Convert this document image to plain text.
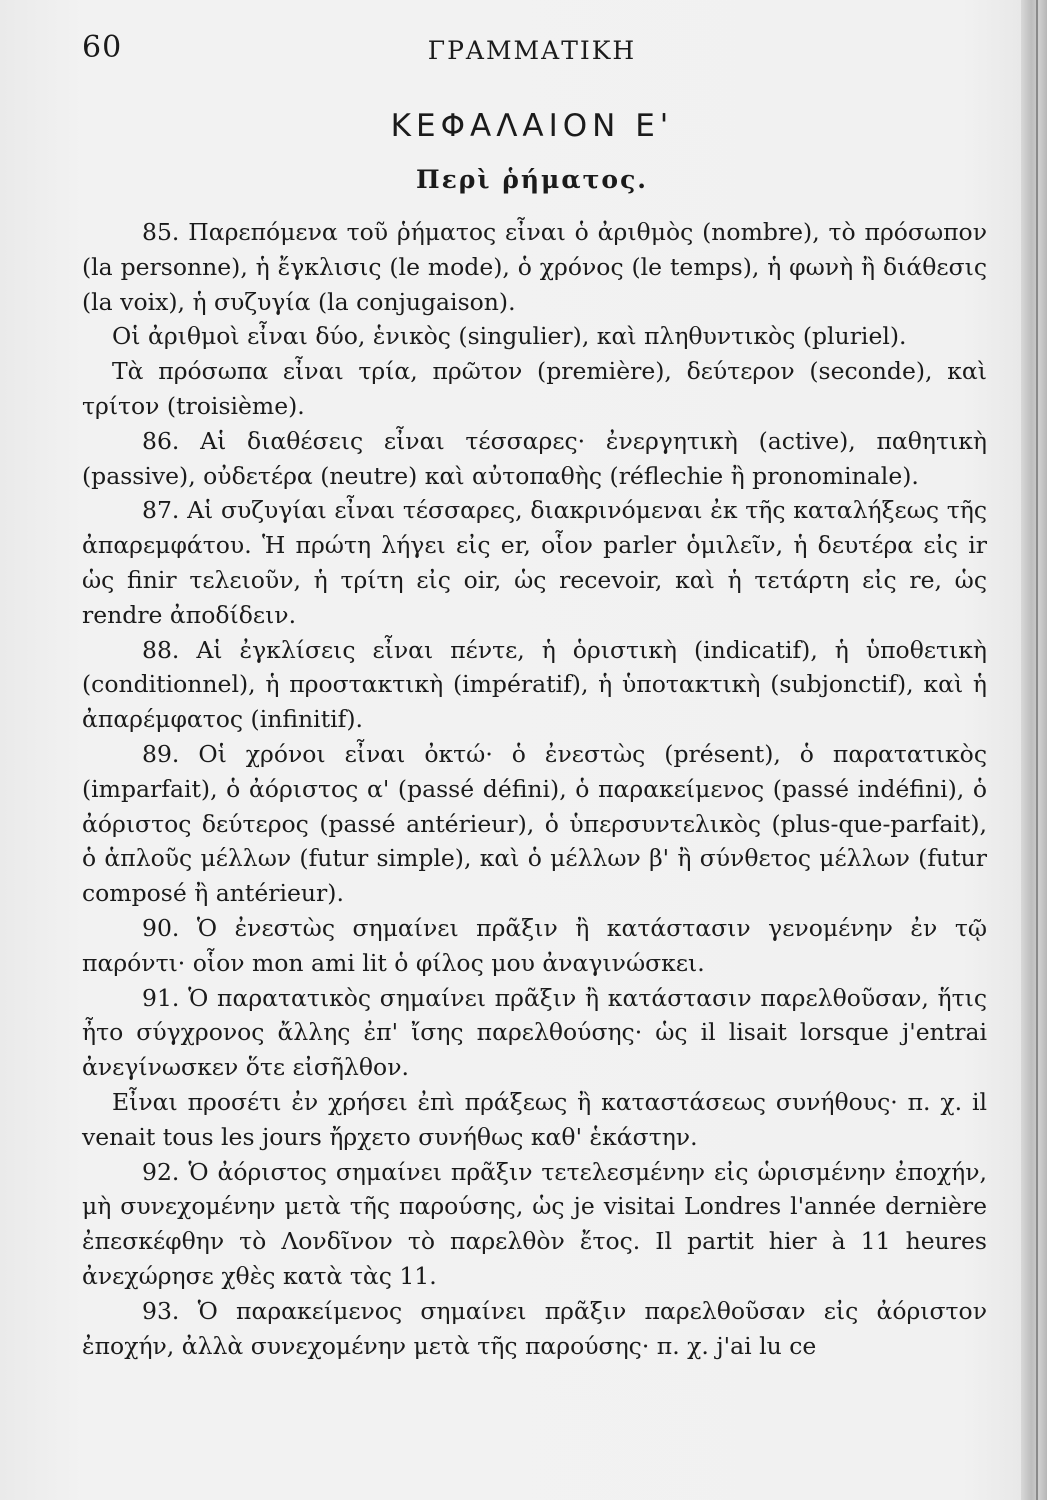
60	ΓΡΑΜΜΑΤΙΚΗ
ΚΕΦΑΛΑΙΟΝ Ε'
Περὶ ῥήματος.

85. Παρεπόμενα τοῦ ῥήματος εἶναι ὁ ἀριθμὸς (nombre), τὸ πρόσωπον (la personne), ἡ ἔγκλισις (le mode), ὁ χρόνος (le temps), ἡ φωνὴ ἢ διάθεσις (la voix), ἡ συζυγία (la conjugaison).

Οἱ ἀριθμοὶ εἶναι δύο, ἑνικὸς (singulier), καὶ πληθυντικὸς (pluriel).

Τὰ πρόσωπα εἶναι τρία, πρῶτον (première), δεύτερον (seconde), καὶ τρίτον (troisième).

86. Αἱ διαθέσεις εἶναι τέσσαρες· ἐνεργητικὴ (active), παθητικὴ (passive), οὐδετέρα (neutre) καὶ αὐτοπαθὴς (réflechie ἢ pronominale).

87. Αἱ συζυγίαι εἶναι τέσσαρες, διακρινόμεναι ἐκ τῆς καταλήξεως τῆς ἀπαρεμφάτου. Ἡ πρώτη λήγει εἰς er, οἷον parler ὁμιλεῖν, ἡ δευτέρα εἰς ir ὡς finir τελειοῦν, ἡ τρίτη εἰς oir, ὡς recevoir, καὶ ἡ τετάρτη εἰς re, ὡς rendre ἀποδίδειν.

88. Αἱ ἐγκλίσεις εἶναι πέντε, ἡ ὁριστικὴ (indicatif), ἡ ὑποθετικὴ (conditionnel), ἡ προστακτικὴ (impératif), ἡ ὑποτακτικὴ (subjonctif), καὶ ἡ ἀπαρέμφατος (infinitif).

89. Οἱ χρόνοι εἶναι ὀκτώ· ὁ ἐνεστὼς (présent), ὁ παρατατικὸς (imparfait), ὁ ἀόριστος α' (passé défini), ὁ παρακείμενος (passé indéfini), ὁ ἀόριστος δεύτερος (passé antérieur), ὁ ὑπερσυντελικὸς (plus-que-parfait), ὁ ἁπλοῦς μέλλων (futur simple), καὶ ὁ μέλλων β' ἢ σύνθετος μέλλων (futur composé ἢ antérieur).

90. Ὁ ἐνεστὼς σημαίνει πρᾶξιν ἢ κατάστασιν γενομένην ἐν τῷ παρόντι· οἷον mon ami lit ὁ φίλος μου ἀναγινώσκει.

91. Ὁ παρατατικὸς σημαίνει πρᾶξιν ἢ κατάστασιν παρελθοῦσαν, ἥτις ἦτο σύγχρονος ἄλλης ἐπ' ἴσης παρελθούσης· ὡς il lisait lorsque j'entrai ἀνεγίνωσκεν ὅτε εἰσῆλθον.

Εἶναι προσέτι ἐν χρήσει ἐπὶ πράξεως ἢ καταστάσεως συνήθους· π. χ. il venait tous les jours ἤρχετο συνήθως καθ' ἑκάστην.

92. Ὁ ἀόριστος σημαίνει πρᾶξιν τετελεσμένην εἰς ὡρισμένην ἐποχήν, μὴ συνεχομένην μετὰ τῆς παρούσης, ὡς je visitai Londres l'année dernière ἐπεσκέφθην τὸ Λονδῖνον τὸ παρελθὸν ἔτος. Il partit hier à 11 heures ἀνεχώρησε χθὲς κατὰ τὰς 11.

93. Ὁ παρακείμενος σημαίνει πρᾶξιν παρελθοῦσαν εἰς ἀόριστον ἐποχήν, ἀλλὰ συνεχομένην μετὰ τῆς παρούσης· π. χ. j'ai lu ce
